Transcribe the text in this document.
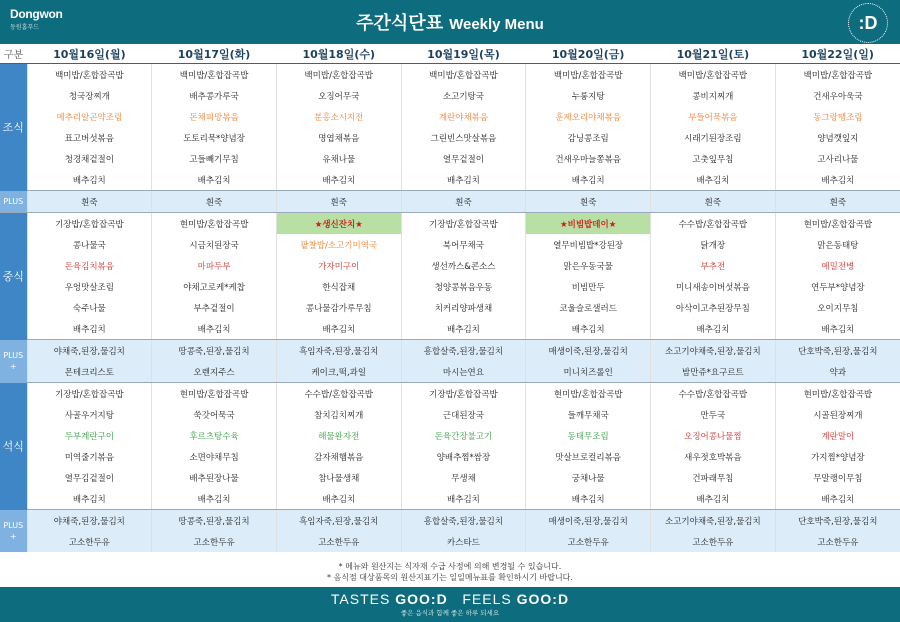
Dongwon
동원홈푸드	주간식단표 Weekly Menu	:D
구분	10월16일(월)	10월17일(화)	10월18일(수)	10월19일(목)	10월20일(금)	10월21일(토)	10월22일(일)
조식	백미밥/혼합잡곡밥	백미밥/혼합잡곡밥	백미밥/혼합잡곡밥	백미밥/혼합잡곡밥	백미밥/혼합잡곡밥	백미밥/혼합잡곡밥	백미밥/혼합잡곡밥
	청국장찌개	배추콩가루국	오징어무국	소고기탕국	누룽지탕	콩비지찌개	건새우아욱국
	메추리알곤약조림	돈채피망볶음	분홍소시지전	계란야채볶음	훈제오리야채볶음	부들어묵볶음	동그랑땡조림
	표고버섯볶음	도토리묵*양념장	명엽채볶음	그린빈스맛살볶음	감닝콩조림	시래기된장조림	양념깻잎지
	청경채겉절이	고들빼기무침	유채나물	열무겉절이	건새우마늘쫑볶음	고춧잎무침	고사리나물
	배추김치	배추김치	배추김치	배추김치	배추김치	배추김치	배추김치
PLUS	흰죽	흰죽	흰죽	흰죽	흰죽	흰죽	흰죽
중식	기장밥/혼합잡곡밥	현미밥/혼합잡곡밥	★생신잔치★	기장밥/혼합잡곡밥	★비빔밥데이★	수수밥/혼합잡곡밥	현미밥/혼합잡곡밥
	콩나물국	시금치된장국	팥찰밥/소고기미역국	북어무채국	열무비빔밥*강된장	닭개장	맑은동태탕
	돈육김치볶음	마파두부	가자미구이	생선까스&콘소스	맑은우동국물	부추전	메밀전병
	우엉맛살조림	야채고로케*케찹	한식잡채	청양콩볶음우동	비빔만두	미니새송이버섯볶음	연두부*양념장
	숙주나물	부추겉절이	콩나물감가루무침	치커리양파생채	코울슬로샐러드	아삭이고추된장무침	오이지무침
	배추김치	배추김치	배추김치	배추김치	배추김치	배추김치	배추김치
PLUS
+	야채죽,된장,물김치	땅콩죽,된장,물김치	흑임자죽,된장,물김치	흥합살죽,된장,물김치	매생이죽,된장,물김치	소고기야채죽,된장,물김치	단호박죽,된장,물김치
	몬테크리스토	오렌지주스	케이크,떡,과일	마시는연요	미니치즈롤인	밤만쥬*요구르트	약과
석식	기장밥/혼합잡곡밥	현미밥/혼합잡곡밥	수수밥/혼합잡곡밥	기장밥/혼합잡곡밥	현미밥/혼합잡곡밥	수수밥/혼합잡곡밥	현미밥/혼합잡곡밥
	사골우거지탕	쑥갓어묵국	참치김치찌개	근대된장국	들깨무채국	만두국	시골된장찌개
	두부계란구이	후르츠탕수육	해물완자전	돈육간장불고기	동태무조림	오징어콩나물찜	계란말이
	미역줄기볶음	소면야채무침	감자채햄볶음	양배추찜*쌈장	맛살브로컬리볶음	새우젓호박볶음	가지찜*양념장
	열무김겉절이	배추된장나물	참나물생채	무생채	궁채나물	건파래무침	무말랭이무침
	배추김치	배추김치	배추김치	배추김치	배추김치	배추김치	배추김치
PLUS
+	야채죽,된장,물김치	땅콩죽,된장,물김치	흑임자죽,된장,물김치	흥합살죽,된장,물김치	매생이죽,된장,물김치	소고기야채죽,된장,물김치	단호박죽,된장,물김치
	고소한두유	고소한두유	고소한두유	카스타드	고소한두유	고소한두유	고소한두유
* 메뉴와 원산지는 식자재 수급 사정에 의해 변경될 수 있습니다.
* 음식점 대상품목의 원산지표기는 일일메뉴표를 확인하시기 바랍니다.
TASTES GOO:D FEELS GOO:D
좋은 음식과 함께 좋은 하루 되세요
